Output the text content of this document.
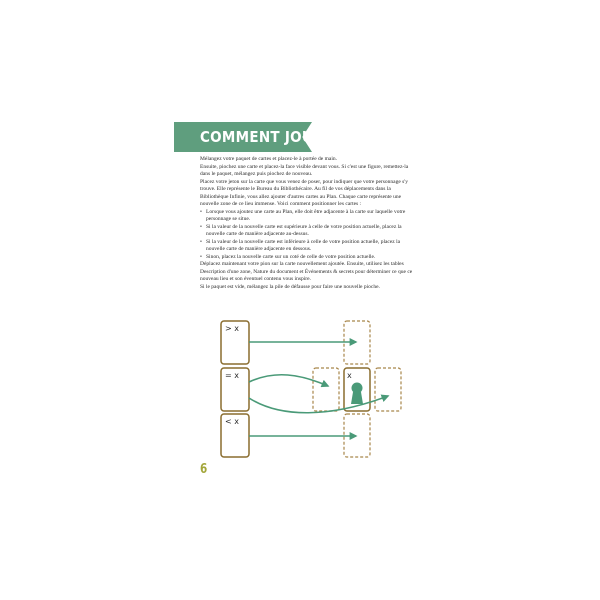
COMMENT JOUER ?

Mélangez votre paquet de cartes et placez-le à portée de main.

Ensuite, piochez une carte et placez-la face visible devant vous. Si c'est une figure, remettez-la dans le paquet, mélangez puis piochez de nouveau.

Placez votre jeton sur la carte que vous venez de poser, pour indiquer que votre personnage s'y trouve. Elle représente le Bureau du Bibliothécaire. Au fil de vos déplacements dans la Bibliothèque Infinie, vous allez ajouter d'autres cartes au Plan. Chaque carte représente une nouvelle zone de ce lieu immense. Voici comment positionner les cartes :

• Lorsque vous ajoutez une carte au Plan, elle doit être adjacente à la carte sur laquelle votre personnage se situe.
• Si la valeur de la nouvelle carte est supérieure à celle de votre position actuelle, placez la nouvelle carte de manière adjacente au-dessus.
• Si la valeur de la nouvelle carte est inférieure à celle de votre position actuelle, placez la nouvelle carte de manière adjacente en dessous.
• Sinon, placez la nouvelle carte sur un coté de celle de votre position actuelle.

Déplacez maintenant votre pion sur la carte nouvellement ajoutée. Ensuite, utilisez les tables Description d'une zone, Nature du document et Événements & secrets pour déterminer ce que ce nouveau lieu et son éventuel contenu vous inspire.

Si le paquet est vide, mélangez la pile de défausse pour faire une nouvelle pioche.

> x
= x
< x
x
6
